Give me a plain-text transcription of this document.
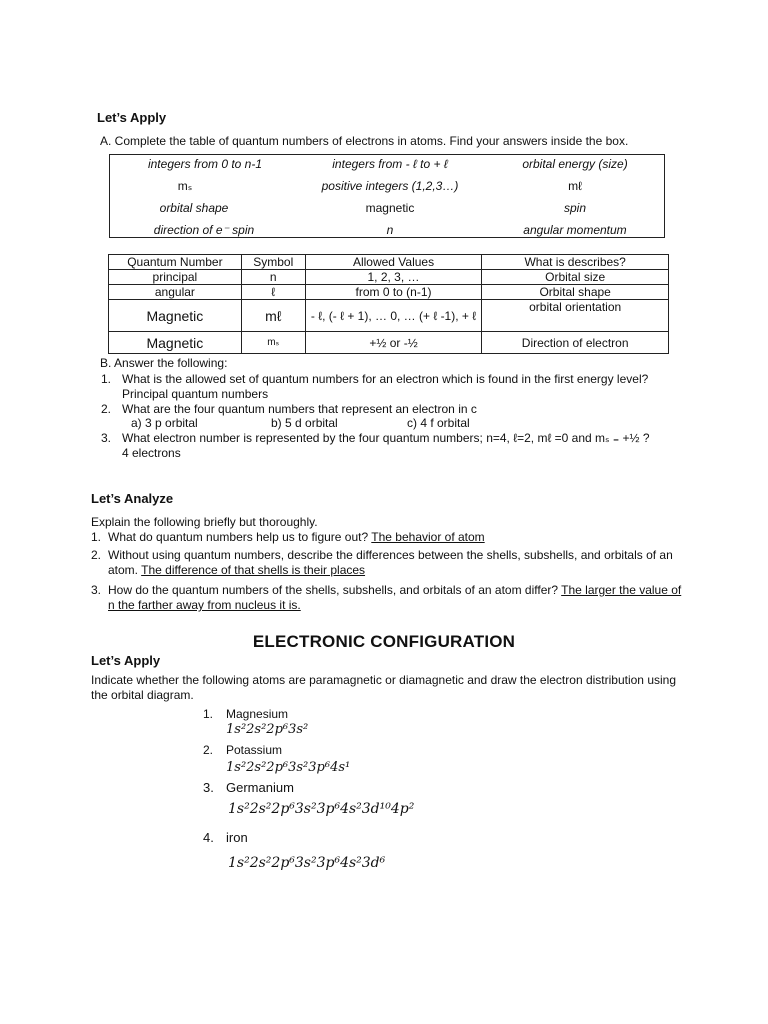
Let’s Apply
A. Complete the table of quantum numbers of electrons in atoms. Find your answers inside the box.
integers from 0 to n-1	integers from - ℓ to + ℓ	orbital energy (size)
mₛ	positive integers (1,2,3…)	mℓ
orbital shape	magnetic	spin
direction of e⁻ spin	n	angular momentum
Quantum Number	Symbol	Allowed Values	What is describes?
principal	n	1, 2, 3, …	Orbital size
angular	ℓ	from 0 to (n-1)	Orbital shape
Magnetic	mℓ	- ℓ, (- ℓ + 1), … 0, … (+ ℓ -1), + ℓ	orbital orientation
Magnetic	mₛ	+½ or -½	Direction of electron
B. Answer the following:
1. What is the allowed set of quantum numbers for an electron which is found in the first energy level?
Principal quantum numbers
2. What are the four quantum numbers that represent an electron in c
a) 3 p orbital	b) 5 d orbital	c) 4 f orbital
3. What electron number is represented by the four quantum numbers; n=4, ℓ=2, mℓ =0 and mₛ ₌ +½ ?
4 electrons
Let’s Analyze
Explain the following briefly but thoroughly.
1. What do quantum numbers help us to figure out? The behavior of atom
2. Without using quantum numbers, describe the differences between the shells, subshells, and orbitals of an atom. The difference of that shells is their places
3. How do the quantum numbers of the shells, subshells, and orbitals of an atom differ? The larger the value of n the farther away from nucleus it is.
ELECTRONIC CONFIGURATION
Let’s Apply
Indicate whether the following atoms are paramagnetic or diamagnetic and draw the electron distribution using the orbital diagram.
1. Magnesium
1s²2s²2p⁶3s²
2. Potassium
1s²2s²2p⁶3s²3p⁶4s¹
3. Germanium
1s²2s²2p⁶3s²3p⁶4s²3d¹⁰4p²
4. iron
1s²2s²2p⁶3s²3p⁶4s²3d⁶
